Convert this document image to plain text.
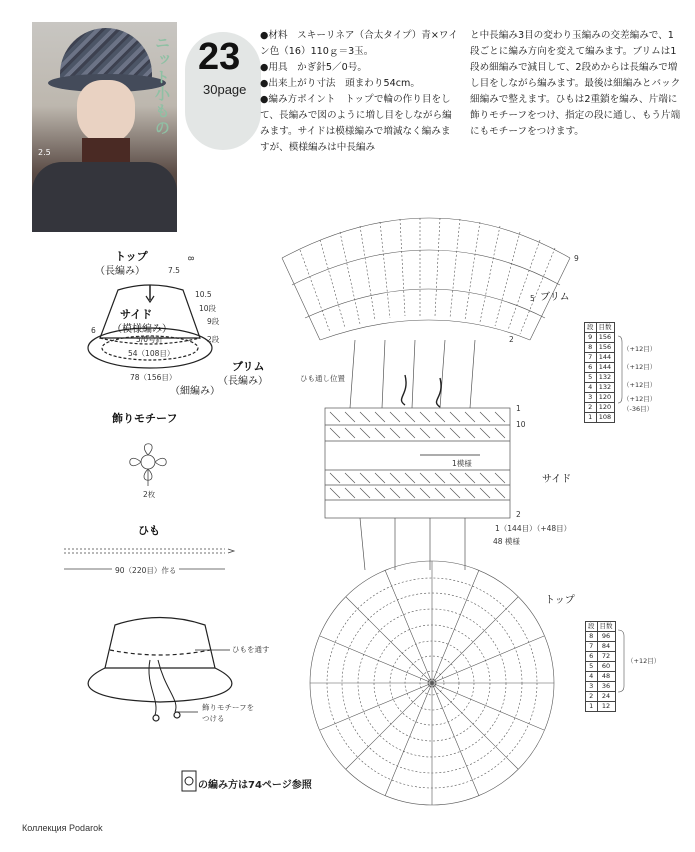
2.5
ニット小もの 23
30page

●材料　スキーリネア（合太タイプ）青×ワイン色（16）110ｇ＝3玉。

●用具　かぎ針5／0号。

●出来上がり寸法　頭まわり54cm。

●編み方ポイント　トップで輪の作り目をして、長編みで図のように増し目をしながら編みます。サイドは模様編みで増減なく編みますが、模様編みは中長編み

と中長編み3目の変わり玉編みの交差編みで、1段ごとに編み方向を変えて編みます。ブリムは1段め細編みで減目して、2段めからは長編みで増し目をしながら編みます。最後は細編みとバック細編みで整えます。ひもは2重鎖を編み、片端に飾りモチーフをつけ、指定の段に通し、もう片端にもモチーフをつけます。

トップ
（長編み）	7.5
8
10.5
10段
サイド
（模様編み）
5/0号針
6
9段
2段
54（108目）
78（156目）
ブリム
（長編み）
（細編み）
飾りモチーフ
2枚
ひも
90（220目）作る
ひもを通す
飾りモチーフを
つける
ブリム
サイド
トップ
1模様
ひも通し位置
1（144目）（+48目）
48 模様
9
5
2
1
10
2
段	目数
9	156
8	156
7	144
6	144
5	132
4	132
3	120
2	120
1	108
（+12目）
（+12目）
（+12目）
（+12目）
（-36目）
段	目数
8	96
7	84
6	72
5	60
4	48
3	36
2	24
1	12
（+12目）
の編み方は74ページ参照
Коллекция Podarok
